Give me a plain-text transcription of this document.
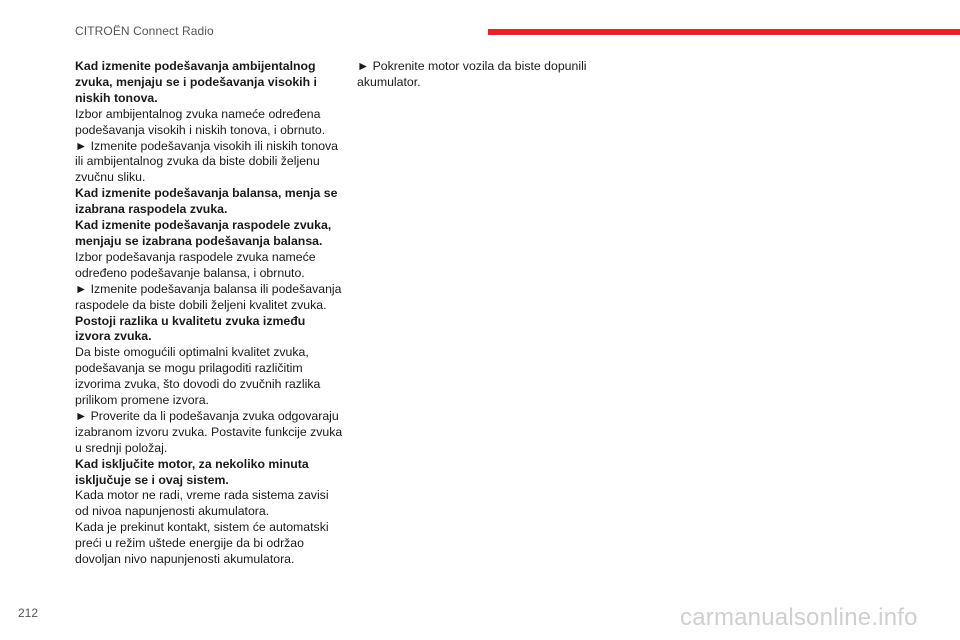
CITROËN Connect Radio

Kad izmenite podešavanja ambijentalnog zvuka, menjaju se i podešavanja visokih i niskih tonova.

Izbor ambijentalnog zvuka nameće određena podešavanja visokih i niskih tonova, i obrnuto.

► Izmenite podešavanja visokih ili niskih tonova ili ambijentalnog zvuka da biste dobili željenu zvučnu sliku.

Kad izmenite podešavanja balansa, menja se izabrana raspodela zvuka.

Kad izmenite podešavanja raspodele zvuka, menjaju se izabrana podešavanja balansa.

Izbor podešavanja raspodele zvuka nameće određeno podešavanje balansa, i obrnuto.

► Izmenite podešavanja balansa ili podešavanja raspodele da biste dobili željeni kvalitet zvuka.

Postoji razlika u kvalitetu zvuka između izvora zvuka.

Da biste omogućili optimalni kvalitet zvuka, podešavanja se mogu prilagoditi različitim izvorima zvuka, što dovodi do zvučnih razlika prilikom promene izvora.

► Proverite da li podešavanja zvuka odgovaraju izabranom izvoru zvuka. Postavite funkcije zvuka u srednji položaj.

Kad isključite motor, za nekoliko minuta isključuje se i ovaj sistem.

Kada motor ne radi, vreme rada sistema zavisi od nivoa napunjenosti akumulatora.

Kada je prekinut kontakt, sistem će automatski preći u režim uštede energije da bi održao dovoljan nivo napunjenosti akumulatora.

► Pokrenite motor vozila da biste dopunili akumulator.

212	carmanualsonline.info
